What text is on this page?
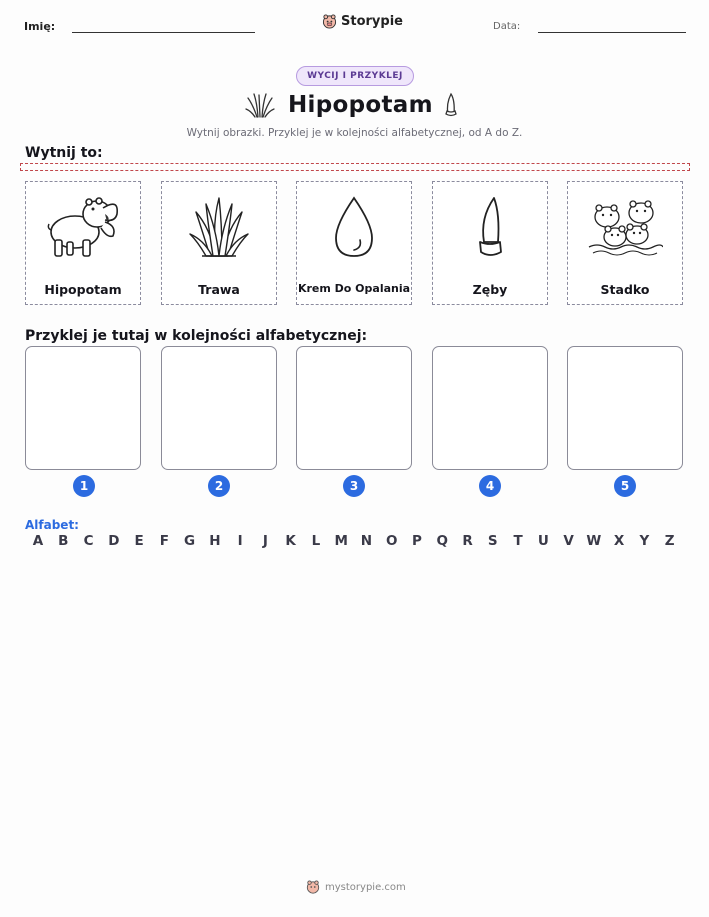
Imię:	Storypie	Data:
WYCIJ I PRZYKLEJ
Hipopotam
Wytnij obrazki. Przyklej je w kolejności alfabetycznej, od A do Z.
Wytnij to:
Hipopotam	Trawa	Krem Do Opalania	Zęby	Stadko
Przyklej je tutaj w kolejności alfabetycznej:
1	2	3	4	5
Alfabet:
A B C D E F G H	I	J	K L M N O P Q R S T U V W X Y Z
mystorypie.com
